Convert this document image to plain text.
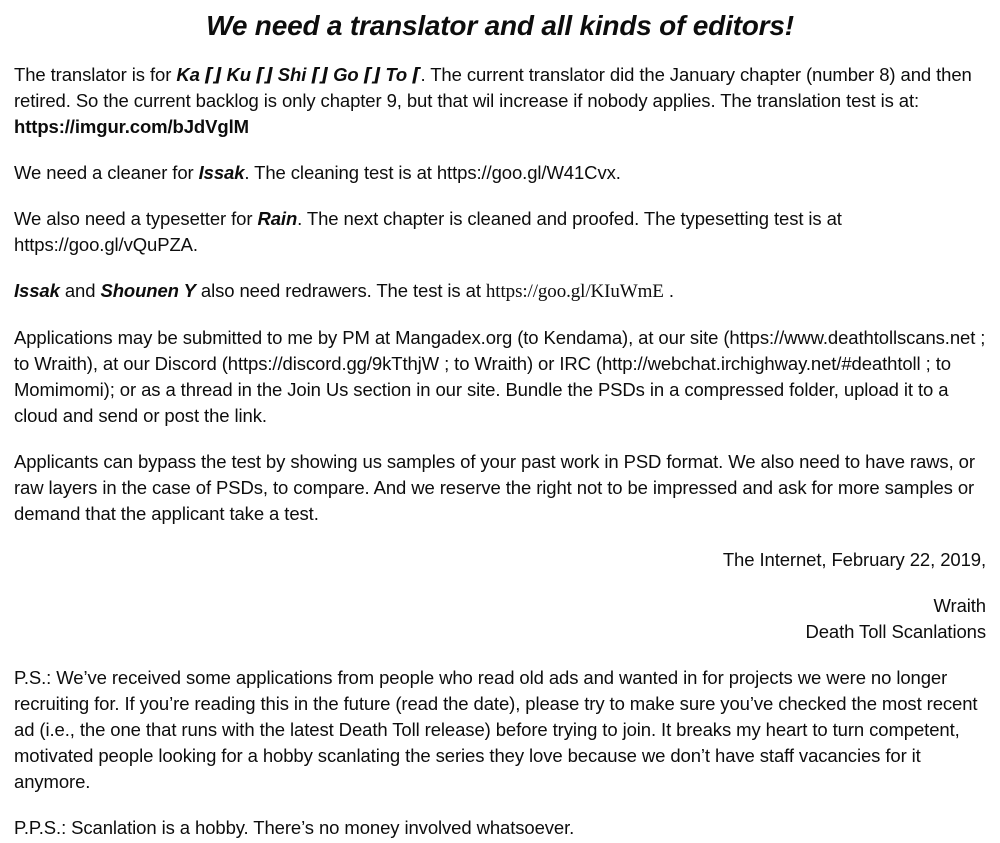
We need a translator and all kinds of editors!

The translator is for Ka ⌈⌋ Ku ⌈⌋ Shi ⌈⌋ Go ⌈⌋ To ⌈. The current translator did the January chapter (number 8) and then retired. So the current backlog is only chapter 9, but that wil increase if nobody applies. The translation test is at: https://imgur.com/bJdVglM

We need a cleaner for Issak. The cleaning test is at https://goo.gl/W41Cvx.

We also need a typesetter for Rain. The next chapter is cleaned and proofed. The typesetting test is at https://goo.gl/vQuPZA.

Issak and Shounen Y also need redrawers. The test is at https://goo.gl/KIuWmE .

Applications may be submitted to me by PM at Mangadex.org (to Kendama), at our site (https://www.deathtollscans.net ; to Wraith), at our Discord (https://discord.gg/9kTthjW ; to Wraith) or IRC (http://webchat.irchighway.net/#deathtoll ; to Momimomi); or as a thread in the Join Us section in our site. Bundle the PSDs in a compressed folder, upload it to a cloud and send or post the link.

Applicants can bypass the test by showing us samples of your past work in PSD format. We also need to have raws, or raw layers in the case of PSDs, to compare. And we reserve the right not to be impressed and ask for more samples or demand that the applicant take a test.

The Internet, February 22, 2019,

Wraith
Death Toll Scanlations

P.S.: We’ve received some applications from people who read old ads and wanted in for projects we were no longer recruiting for. If you’re reading this in the future (read the date), please try to make sure you’ve checked the most recent ad (i.e., the one that runs with the latest Death Toll release) before trying to join. It breaks my heart to turn competent, motivated people looking for a hobby scanlating the series they love because we don’t have staff vacancies for it anymore.

P.P.S.: Scanlation is a hobby. There’s no money involved whatsoever.
